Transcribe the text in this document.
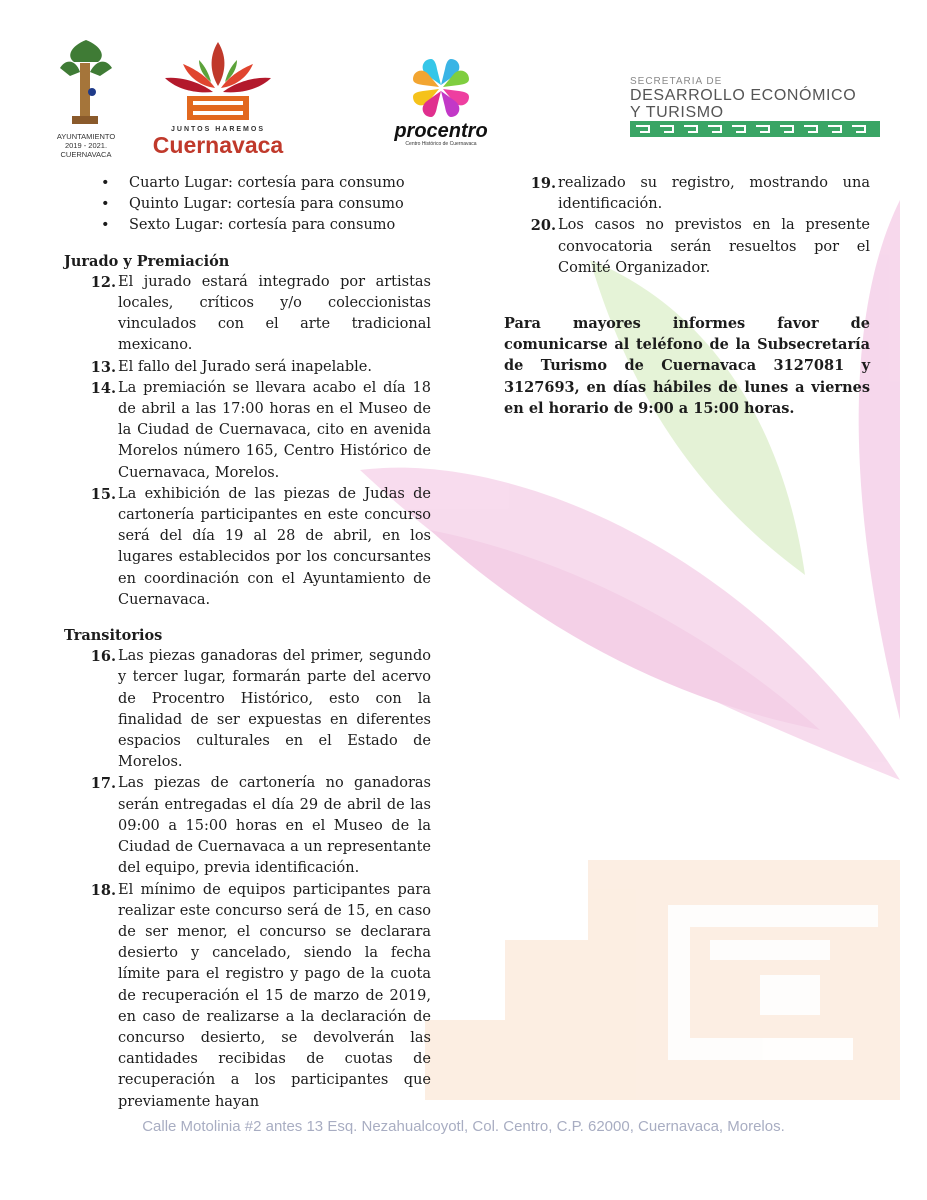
AYUNTAMIENTO
2019 - 2021.
CUERNAVACA
JUNTOS HAREMOS
Cuernavaca
procentro
Centro Histórico de Cuernavaca
SECRETARIA DE
DESARROLLO ECONÓMICO
Y TURISMO
• Cuarto Lugar: cortesía para consumo
• Quinto Lugar: cortesía para consumo
• Sexto Lugar: cortesía para consumo
Jurado y Premiación
12. El jurado estará integrado por artistas locales, críticos y/o coleccionistas vinculados con el arte tradicional mexicano.
13. El fallo del Jurado será inapelable.
14. La premiación se llevara acabo el día 18 de abril a las 17:00 horas en el Museo de la Ciudad de Cuernavaca, cito en avenida Morelos número 165, Centro Histórico de Cuernavaca, Morelos.
15. La exhibición de las piezas de Judas de cartonería participantes en este concurso será del día 19 al 28 de abril, en los lugares establecidos por los concursantes en coordinación con el Ayuntamiento de Cuernavaca.
Transitorios
16. Las piezas ganadoras del primer, segundo y tercer lugar, formarán parte del acervo de Procentro Histórico, esto con la finalidad de ser expuestas en diferentes espacios culturales en el Estado de Morelos.
17. Las piezas de cartonería no ganadoras serán entregadas el día 29 de abril de las 09:00 a 15:00 horas en el Museo de la Ciudad de Cuernavaca a un representante del equipo, previa identificación.
18. El mínimo de equipos participantes para realizar este concurso será de 15, en caso de ser menor, el concurso se declarara desierto y cancelado, siendo la fecha límite para el registro y pago de la cuota de recuperación el 15 de marzo de 2019, en caso de realizarse a la declaración de concurso desierto, se devolverán las cantidades recibidas de cuotas de recuperación a los participantes que previamente hayan
19. realizado su registro, mostrando una identificación.
20. Los casos no previstos en la presente convocatoria serán resueltos por el Comité Organizador.
Para mayores informes favor de comunicarse al teléfono de la Subsecretaría de Turismo de Cuernavaca 3127081 y 3127693, en días hábiles de lunes a viernes en el horario de 9:00 a 15:00 horas.
Calle Motolinia #2 antes 13 Esq. Nezahualcoyotl, Col. Centro, C.P. 62000, Cuernavaca, Morelos.
